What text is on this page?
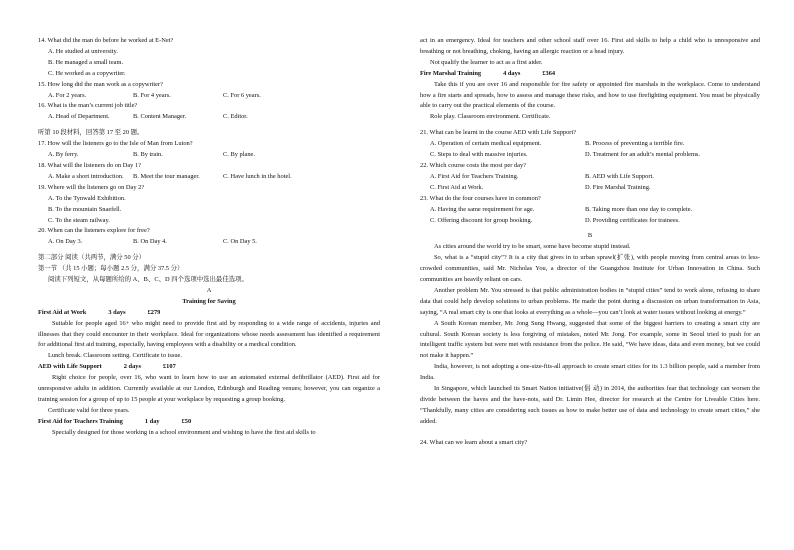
14. What did the man do before he worked at E-Net?
A. He studied at university.
B. He managed a small team.
C. He worked as a copywriter.
15. How long did the man work as a copywriter?
A. For 2 years.	B. For 4 years.	C. For 6 years.
16. What is the man’s current job title?
A. Head of Department.	B. Content Manager.	C. Editor.
听第 10 段材料，回答第 17 至 20 题。
17. How will the listeners go to the Isle of Man from Luton?
A. By ferry.	B. By train.	C. By plane.
18. What will the listeners do on Day 1?
A. Make a short introduction.	B. Meet the tour manager.	C. Have lunch in the hotel.
19. Where will the listeners go on Day 2?
A. To the Tynwald Exhibition.
B. To the mountain Snaefell.
C. To the steam railway.
20. When can the listeners explore for free?
A. On Day 3.	B. On Day 4.	C. On Day 5.
第二部分 阅读（共两节，满分 50 分）
第一节 （共 15 小题；每小题 2.5 分，满分 37.5 分）
阅读下列短文，从每题所给的 A、B、C、D 四个选项中选出最佳选项。
A
Training for Saving
First Aid at Work	3 days	£279
Suitable for people aged 16+ who might need to provide first aid by responding to a wide range of accidents, injuries and illnesses that they could encounter in their workplace. Ideal for organizations whose needs assessment has identified a requirement for additional first aid training, especially, having employees with a disability or a medical condition.
Lunch break. Classroom setting. Certificate to issue.
AED with Life Support	2 days	£107
Right choice for people, over 16, who want to learn how to use an automated external defibrillator (AED). First aid for unresponsive adults in addition. Currently available at our London, Edinburgh and Reading venues; however, you can organize a training session for a group of up to 15 people at your workplace by requesting a group booking.
Certificate valid for three years.
First Aid for Teachers Training	1 day	£50
Specially designed for those working in a school environment and wishing to have the first aid skills to
act in an emergency. Ideal for teachers and other school staff over 16. First aid skills to help a child who is unresponsive and breathing or not breathing, choking, having an allergic reaction or a head injury.
Not qualify the learner to act as a first aider.
Fire Marshal Training	4 days	£364
Take this if you are over 16 and responsible for fire safety or appointed fire marshals in the workplace. Come to understand how a fire starts and spreads, how to assess and manage these risks, and how to use firefighting equipment. You must be physically able to carry out the practical elements of the course.
Role play. Classroom environment. Certificate.
21. What can be learnt in the course AED with Life Support?
A. Operation of certain medical equipment.	B. Process of preventing a terrible fire.
C. Steps to deal with massive injuries.	D. Treatment for an adult’s mental problems.
22. Which course costs the most per day?
A. First Aid for Teachers Training.	B. AED with Life Support.
C. First Aid at Work.	D. Fire Marshal Training.
23. What do the four courses have in common?
A. Having the same requirement for age.	B. Taking more than one day to complete.
C. Offering discount for group booking.	D. Providing certificates for trainees.
B
As cities around the world try to be smart, some have become stupid instead.
So, what is a “stupid city”? It is a city that gives in to urban sprawl(扩张), with people moving from central areas to less-crowded communities, said Mr. Nicholas You, a director of the Guangzhou Institute for Urban Innovation in China. Such communities are heavily reliant on cars.
Another problem Mr. You stressed is that public administration bodies in “stupid cities” tend to work alone, refusing to share data that could help develop solutions to urban problems. He made the point during a discussion on urban transformation in Asia, saying, “A real smart city is one that looks at everything as a whole—you can’t look at water issues without looking at energy.”
A South Korean member, Mr. Jong Sung Hwang, suggested that some of the biggest barriers to creating a smart city are cultural. South Korean society is less forgiving of mistakes, noted Mr. Jong. For example, some in Seoul tried to push for an intelligent traffic system but were met with resistance from the police. He said, “We have ideas, data and even money, but we could not make it happen.”
India, however, is not adopting a one-size-fits-all approach to create smart cities for its 1.3 billion people, said a member from India.
In Singapore, which launched its Smart Nation initiative(倡 动) in 2014, the authorities fear that technology can worsen the divide between the haves and the have-nots, said Dr. Limin Hee, director for research at the Centre for Liveable Cities here. “Thankfully, many cities are considering such issues as how to make better use of data and technology to create smart cities,” she added.
24. What can we learn about a smart city?
